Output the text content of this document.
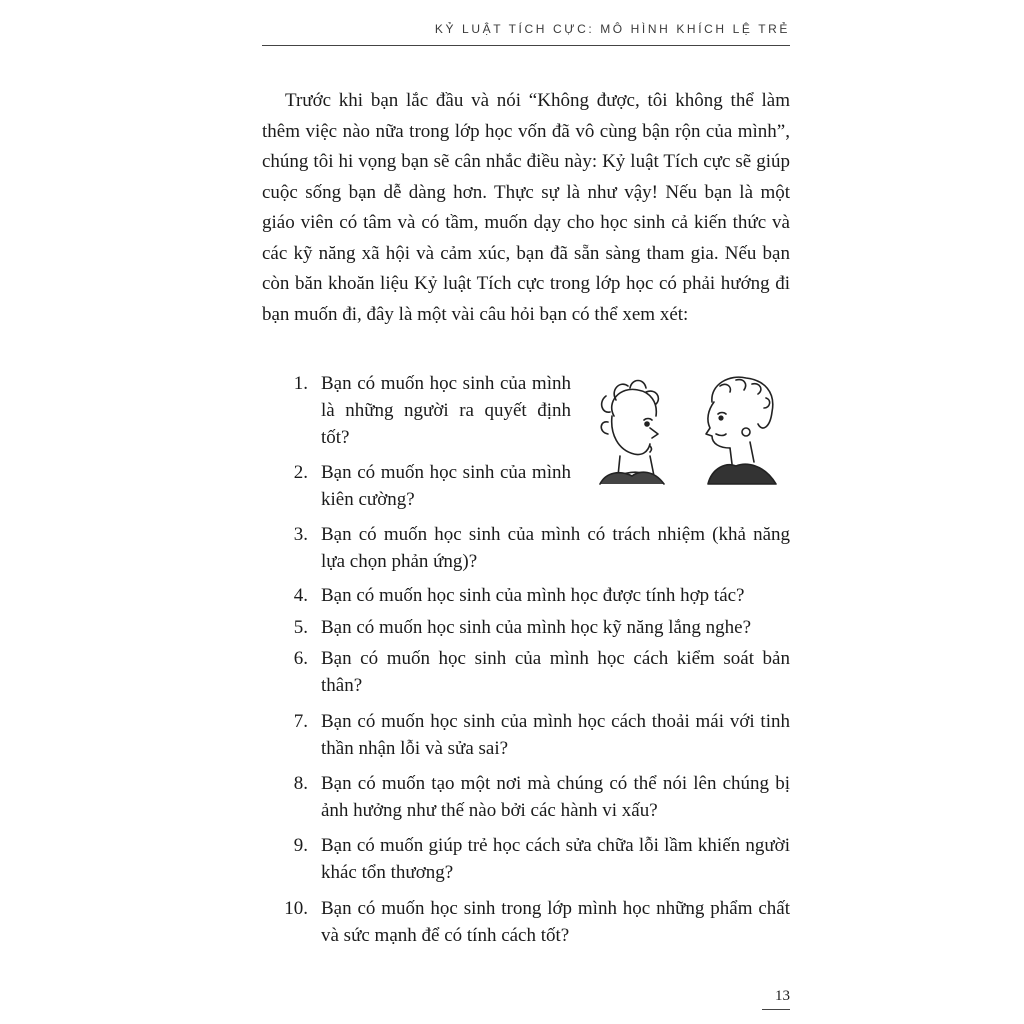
KỶ LUẬT TÍCH CỰC: MÔ HÌNH KHÍCH LỆ TRẺ

Trước khi bạn lắc đầu và nói “Không được, tôi không thể làm thêm việc nào nữa trong lớp học vốn đã vô cùng bận rộn của mình”, chúng tôi hi vọng bạn sẽ cân nhắc điều này: Kỷ luật Tích cực sẽ giúp cuộc sống bạn dễ dàng hơn. Thực sự là như vậy! Nếu bạn là một giáo viên có tâm và có tầm, muốn dạy cho học sinh cả kiến thức và các kỹ năng xã hội và cảm xúc, bạn đã sẵn sàng tham gia. Nếu bạn còn băn khoăn liệu Kỷ luật Tích cực trong lớp học có phải hướng đi bạn muốn đi, đây là một vài câu hỏi bạn có thể xem xét:

1. Bạn có muốn học sinh của mình là những người ra quyết định tốt?
2. Bạn có muốn học sinh của mình kiên cường?
3. Bạn có muốn học sinh của mình có trách nhiệm (khả năng lựa chọn phản ứng)?
4. Bạn có muốn học sinh của mình học được tính hợp tác?
5. Bạn có muốn học sinh của mình học kỹ năng lắng nghe?
6. Bạn có muốn học sinh của mình học cách kiểm soát bản thân?
7. Bạn có muốn học sinh của mình học cách thoải mái với tinh thần nhận lỗi và sửa sai?
8. Bạn có muốn tạo một nơi mà chúng có thể nói lên chúng bị ảnh hưởng như thế nào bởi các hành vi xấu?
9. Bạn có muốn giúp trẻ học cách sửa chữa lỗi lầm khiến người khác tổn thương?
10. Bạn có muốn học sinh trong lớp mình học những phẩm chất và sức mạnh để có tính cách tốt?
13
